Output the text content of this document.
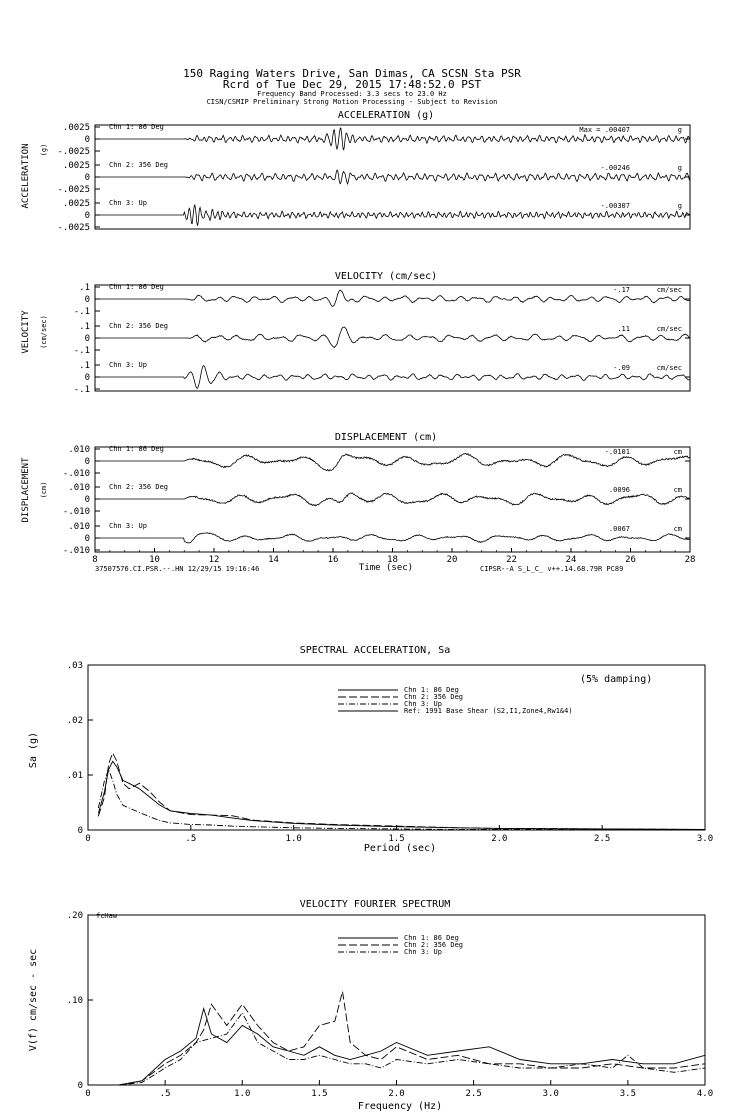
150 Raging Waters Drive, San Dimas, CA SCSN Sta PSR
Rcrd of Tue Dec 29, 2015 17:48:52.0 PST
Frequency Band Processed: 3.3 secs to 23.0 Hz
CISN/CSMIP Preliminary Strong Motion Processing - Subject to Revision
ACCELERATION (g)
VELOCITY (cm/sec)
DISPLACEMENT (cm)
ACCELERATION (g)
VELOCITY (cm/sec)
DISPLACEMENT (cm)
Time (sec)
37507576.CI.PSR.--.HN 12/29/15 19:16:46	CIPSR--A S_L_C_ v++.14.68.79R PC89
SPECTRAL ACCELERATION, Sa
Sa (g)
Period (sec)
(5% damping)
VELOCITY FOURIER SPECTRUM
V(f) cm/sec - sec
Frequency (Hz)
fcHaw
.0025
0
-.0025
Chn 1: 86 Deg	Max = .00407	g
.0025
0
-.0025
Chn 2: 356 Deg	-.00246	g
.0025
0
-.0025
Chn 3: Up	-.00307	g
.1
0
-.1
Chn 1: 86 Deg	-.17	cm/sec
.1
0
-.1
Chn 2: 356 Deg	.11	cm/sec
.1
0
-.1
Chn 3: Up	-.09	cm/sec
.010
0
-.010
Chn 1: 86 Deg	-.0101	cm
.010
0
-.010
Chn 2: 356 Deg	.0096	cm
.010
0
-.010
Chn 3: Up	.0067	cm
8	10	12	14	16	18	20	22	24	26	28
0	.5	1.0	1.5	2.0	2.5	3.0
0
.01
.02
.03
Chn 1: 86 Deg
Chn 2: 356 Deg
Chn 3: Up
Ref: 1991 Base Shear (S2,I1,Zone4,Rw1&4)
0	.5	1.0	1.5	2.0	2.5	3.0	3.5	4.0
0
.10
.20
Chn 1: 86 Deg
Chn 2: 356 Deg
Chn 3: Up
